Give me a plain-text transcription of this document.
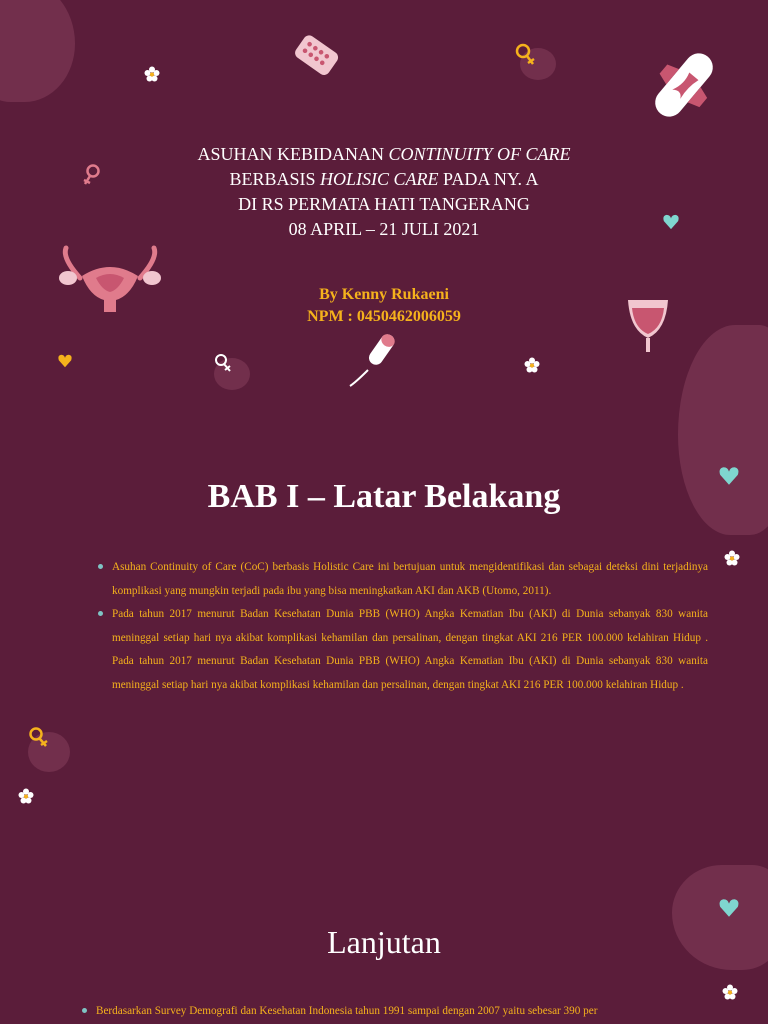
ASUHAN KEBIDANAN CONTINUITY OF CARE
BERBASIS HOLISIC CARE PADA NY. A
DI RS PERMATA HATI TANGERANG
08 APRIL – 21 JULI 2021
By Kenny Rukaeni
NPM : 0450462006059
BAB I – Latar Belakang
Asuhan Continuity of Care (CoC) berbasis Holistic Care ini bertujuan untuk mengidentifikasi dan sebagai deteksi dini terjadinya komplikasi yang mungkin terjadi pada ibu yang bisa meningkatkan AKI dan AKB (Utomo, 2011).
Pada tahun 2017 menurut Badan Kesehatan Dunia PBB (WHO) Angka Kematian Ibu (AKI) di Dunia sebanyak 830 wanita meninggal setiap hari nya akibat komplikasi kehamilan dan persalinan, dengan tingkat AKI 216 PER 100.000 kelahiran Hidup . Pada tahun 2017 menurut Badan Kesehatan Dunia PBB (WHO) Angka Kematian Ibu (AKI) di Dunia sebanyak 830 wanita meninggal setiap hari nya akibat komplikasi kehamilan dan persalinan, dengan tingkat AKI 216 PER 100.000 kelahiran Hidup .
Lanjutan
Berdasarkan Survey Demografi dan Kesehatan Indonesia tahun 1991 sampai dengan 2007 yaitu sebesar 390 per
